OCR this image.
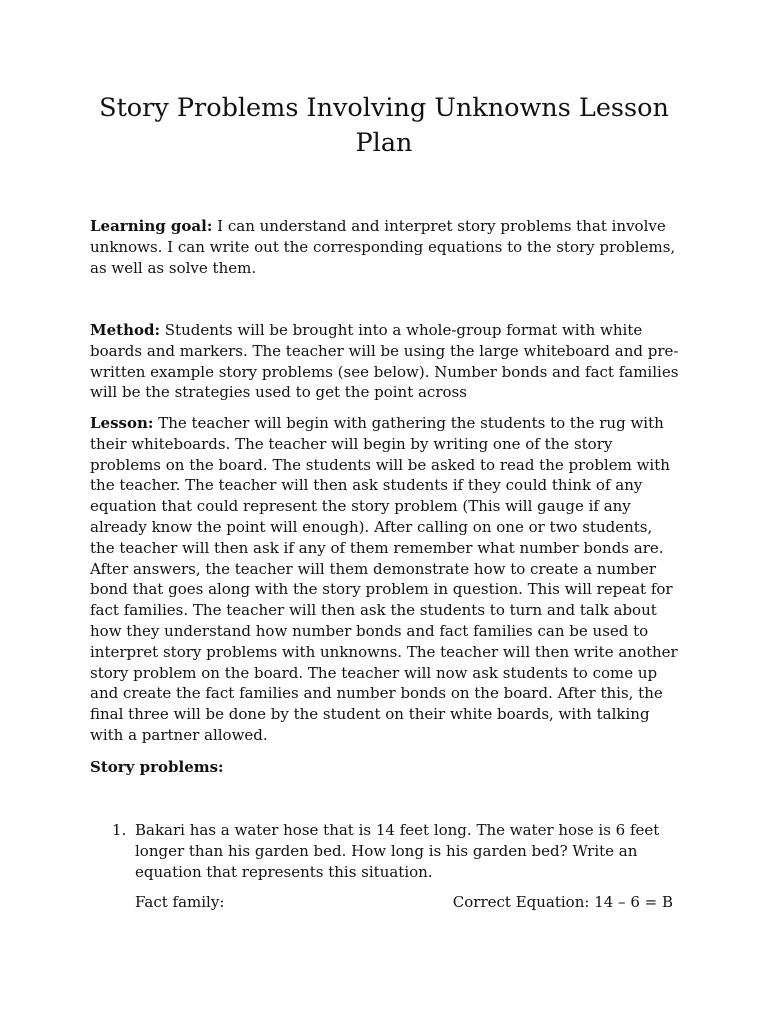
Story Problems Involving Unknowns Lesson Plan

Learning goal: I can understand and interpret story problems that involve unknows. I can write out the corresponding equations to the story problems, as well as solve them.

Method: Students will be brought into a whole-group format with white boards and markers. The teacher will be using the large whiteboard and pre-written example story problems (see below). Number bonds and fact families will be the strategies used to get the point across

Lesson: The teacher will begin with gathering the students to the rug with their whiteboards. The teacher will begin by writing one of the story problems on the board. The students will be asked to read the problem with the teacher. The teacher will then ask students if they could think of any equation that could represent the story problem (This will gauge if any already know the point will enough). After calling on one or two students, the teacher will then ask if any of them remember what number bonds are. After answers, the teacher will them demonstrate how to create a number bond that goes along with the story problem in question. This will repeat for fact families. The teacher will then ask the students to turn and talk about how they understand how number bonds and fact families can be used to interpret story problems with unknowns. The teacher will then write another story problem on the board. The teacher will now ask students to come up and create the fact families and number bonds on the board. After this, the final three will be done by the student on their white boards, with talking with a partner allowed.

Story problems:

1. Bakari has a water hose that is 14 feet long. The water hose is 6 feet longer than his garden bed. How long is his garden bed? Write an equation that represents this situation.

Fact family:	Correct Equation: 14 – 6 = B
